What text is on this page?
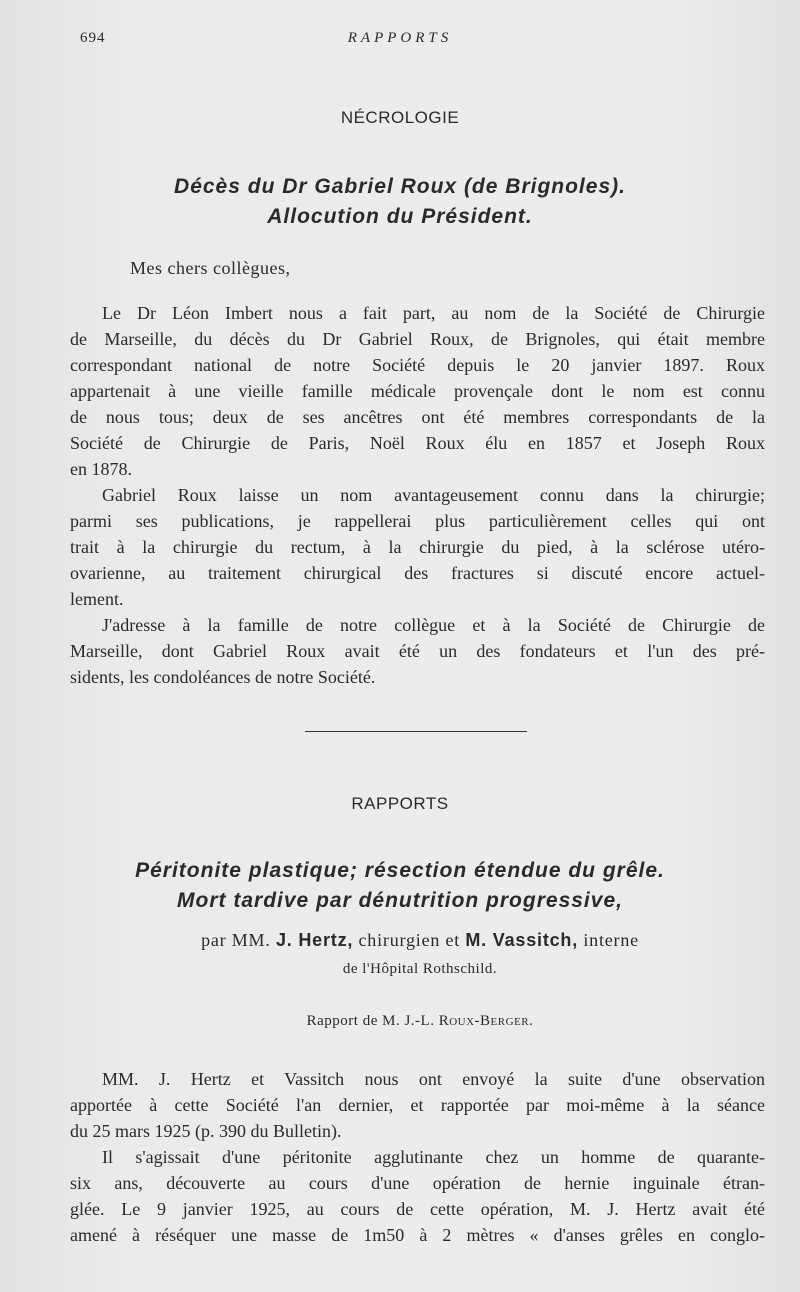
694	RAPPORTS
NÉCROLOGIE
Décès du Dr Gabriel Roux (de Brignoles).
Allocution du Président.
Mes chers collègues,
Le Dr Léon Imbert nous a fait part, au nom de la Société de Chirurgie
de Marseille, du décès du Dr Gabriel Roux, de Brignoles, qui était membre
correspondant national de notre Société depuis le 20 janvier 1897. Roux
appartenait à une vieille famille médicale provençale dont le nom est connu
de nous tous; deux de ses ancêtres ont été membres correspondants de la
Société de Chirurgie de Paris, Noël Roux élu en 1857 et Joseph Roux
en 1878.
Gabriel Roux laisse un nom avantageusement connu dans la chirurgie;
parmi ses publications, je rappellerai plus particulièrement celles qui ont
trait à la chirurgie du rectum, à la chirurgie du pied, à la sclérose utéro-
ovarienne, au traitement chirurgical des fractures si discuté encore actuel-
lement.
J'adresse à la famille de notre collègue et à la Société de Chirurgie de
Marseille, dont Gabriel Roux avait été un des fondateurs et l'un des pré-
sidents, les condoléances de notre Société.
RAPPORTS
Péritonite plastique; résection étendue du grêle.
Mort tardive par dénutrition progressive,
par MM. J. Hertz, chirurgien et M. Vassitch, interne
de l'Hôpital Rothschild.
Rapport de M. J.-L. Roux-Berger.
MM. J. Hertz et Vassitch nous ont envoyé la suite d'une observation
apportée à cette Société l'an dernier, et rapportée par moi-même à la séance
du 25 mars 1925 (p. 390 du Bulletin).
Il s'agissait d'une péritonite agglutinante chez un homme de quarante-
six ans, découverte au cours d'une opération de hernie inguinale étran-
glée. Le 9 janvier 1925, au cours de cette opération, M. J. Hertz avait été
amené à réséquer une masse de 1m50 à 2 mètres « d'anses grêles en conglo-
